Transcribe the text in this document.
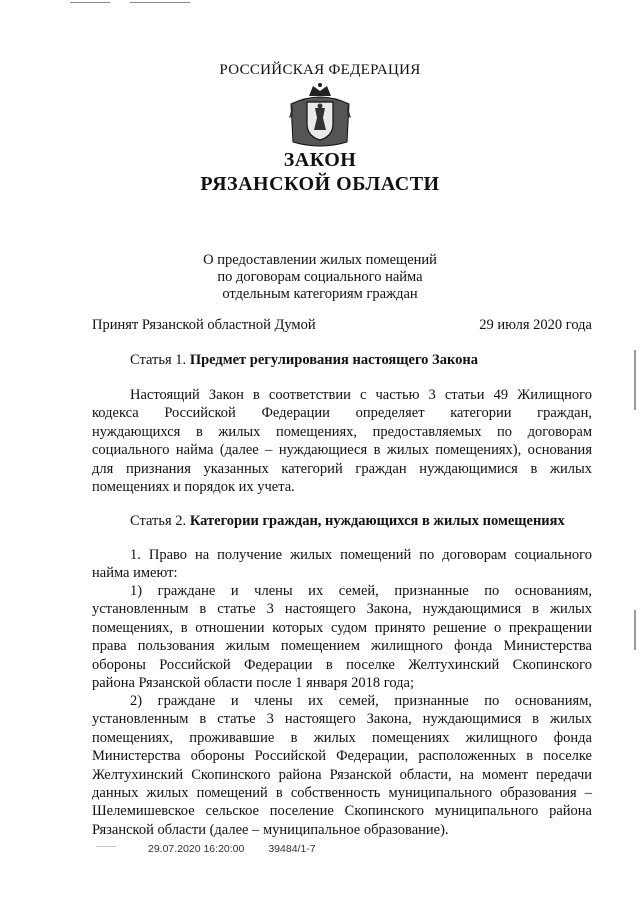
РОССИЙСКАЯ ФЕДЕРАЦИЯ
ЗАКОН
РЯЗАНСКОЙ ОБЛАСТИ
О предоставлении жилых помещений
по договорам социального найма
отдельным категориям граждан
Принят Рязанской областной Думой	29 июля 2020 года
Статья 1. Предмет регулирования настоящего Закона
Настоящий Закон в соответствии с частью 3 статьи 49 Жилищного
кодекса Российской Федерации определяет категории граждан,
нуждающихся в жилых помещениях, предоставляемых по договорам
социального найма (далее – нуждающиеся в жилых помещениях), основания
для признания указанных категорий граждан нуждающимися в жилых
помещениях и порядок их учета.
Статья 2. Категории граждан, нуждающихся в жилых помещениях
1. Право на получение жилых помещений по договорам социального
найма имеют:
1) граждане и члены их семей, признанные по основаниям,
установленным в статье 3 настоящего Закона, нуждающимися в жилых
помещениях, в отношении которых судом принято решение о прекращении
права пользования жилым помещением жилищного фонда Министерства
обороны Российской Федерации в поселке Желтухинский Скопинского
района Рязанской области после 1 января 2018 года;
2) граждане и члены их семей, признанные по основаниям,
установленным в статье 3 настоящего Закона, нуждающимися в жилых
помещениях, проживавшие в жилых помещениях жилищного фонда
Министерства обороны Российской Федерации, расположенных в поселке
Желтухинский Скопинского района Рязанской области, на момент передачи
данных жилых помещений в собственность муниципального образования –
Шелемишевское сельское поселение Скопинского муниципального района
Рязанской области (далее – муниципальное образование).
29.07.2020 16:20:00 39484/1-7
